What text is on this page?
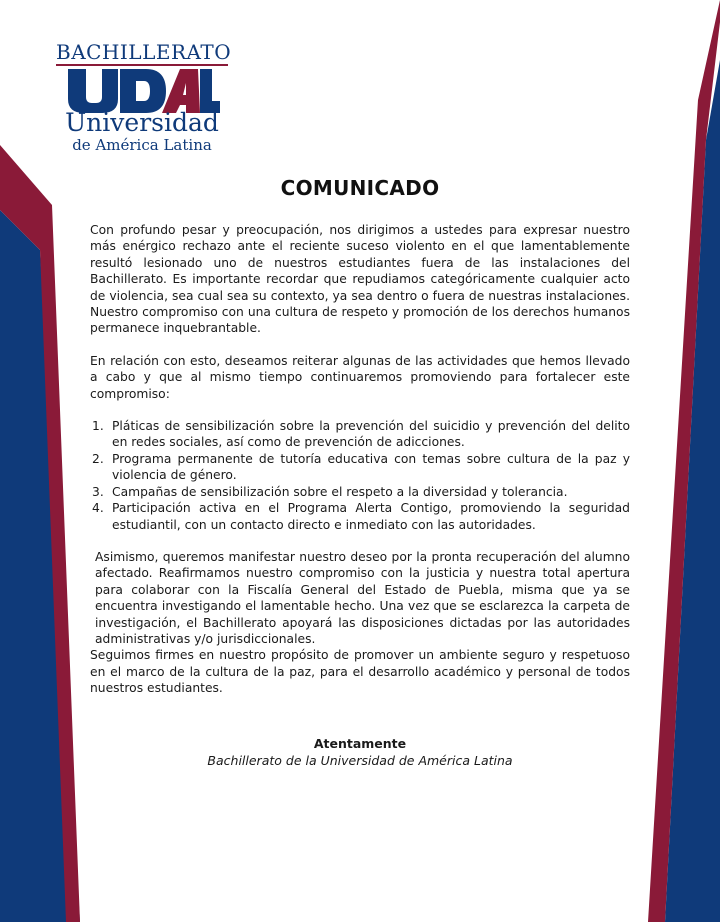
BACHILLERATO
Universidad
de América Latina
COMUNICADO

Con profundo pesar y preocupación, nos dirigimos a ustedes para expresar nuestro más enérgico rechazo ante el reciente suceso violento en el que lamentablemente resultó lesionado uno de nuestros estudiantes fuera de las instalaciones del Bachillerato. Es importante recordar que repudiamos categóricamente cualquier acto de violencia, sea cual sea su contexto, ya sea dentro o fuera de nuestras instalaciones. Nuestro compromiso con una cultura de respeto y promoción de los derechos humanos permanece inquebrantable.

En relación con esto, deseamos reiterar algunas de las actividades que hemos llevado a cabo y que al mismo tiempo continuaremos promoviendo para fortalecer este compromiso:

1. Pláticas de sensibilización sobre la prevención del suicidio y prevención del delito en redes sociales, así como de prevención de adicciones.
2. Programa permanente de tutoría educativa con temas sobre cultura de la paz y violencia de género.
3. Campañas de sensibilización sobre el respeto a la diversidad y tolerancia.
4. Participación activa en el Programa Alerta Contigo, promoviendo la seguridad estudiantil, con un contacto directo e inmediato con las autoridades.

Asimismo, queremos manifestar nuestro deseo por la pronta recuperación del alumno afectado. Reafirmamos nuestro compromiso con la justicia y nuestra total apertura para colaborar con la Fiscalía General del Estado de Puebla, misma que ya se encuentra investigando el lamentable hecho. Una vez que se esclarezca la carpeta de investigación, el Bachillerato apoyará las disposiciones dictadas por las autoridades administrativas y/o jurisdiccionales.

Seguimos firmes en nuestro propósito de promover un ambiente seguro y respetuoso en el marco de la cultura de la paz, para el desarrollo académico y personal de todos nuestros estudiantes.

Atentamente
Bachillerato de la Universidad de América Latina
